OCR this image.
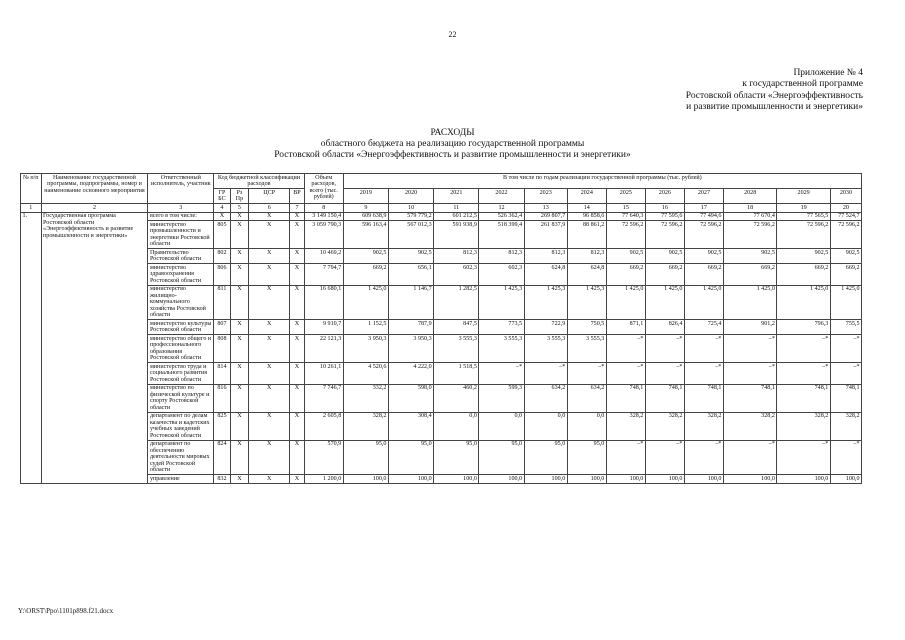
22
Приложение № 4
к государственной программе
Ростовской области «Энергоэффективность
и развитие промышленности и энергетики»
РАСХОДЫ
областного бюджета на реализацию государственной программы
Ростовской области «Энергоэффективность и развитие промышленности и энергетики»
№ п/п	Наименование государственной программы, подпрограммы, номер и наименование основного мероприятия	Ответственный исполнитель, участник	Код бюджетной классификации расходов				Объем расходов, всего (тыс. рублей)	В том числе по годам реализации государственной программы (тыс. рублей)											
			ГР БС	Рз Пр	ЦСР	ВР		2019	2020	2021	2022	2023	2024	2025	2026	2027	2028	2029	2030
1	2	3	4	5	6	7	8	9	10	11	12	13	14	15	16	17	18	19	20
1.	Государственная программа Ростовской области «Энергоэффективность и развитие промышленности и энергетики»	всего в том числе:	X	X	X	X	3 149 150,4	609 638,9	579 779,2	601 212,5	526 362,4	269 807,7	96 858,6	77 640,3	77 595,6	77 494,6	77 670,4	77 565,5	77 524,7
		министерство промышленности и энергетики Ростовской области	805	X	X	X	3 059 790,3	596 163,4	567 012,3	591 938,9	518 399,4	261 837,9	88 861,2	72 596,2	72 596,2	72 596,2	72 596,2	72 596,2	72 596,2
		Правительство Ростовской области	802	X	X	X	10 469,2	902,5	902,5	812,3	812,3	812,3	812,3	902,5	902,5	902,5	902,5	902,5	902,5
		министерство здравоохранения Ростовской области	806	X	X	X	7 794,7	669,2	656,1	602,3	602,3	624,8	624,8	669,2	669,2	669,2	669,2	669,2	669,2
		министерство жилищно-коммунального хозяйства Ростовской области	811	X	X	X	16 680,1	1 425,0	1 146,7	1 282,5	1 425,3	1 425,3	1 425,3	1 425,0	1 425,0	1 425,0	1 425,0	1 425,0	1 425,0
		министерство культуры Ростовской области	807	X	X	X	9 910,7	1 152,5	787,9	847,5	773,5	722,9	750,5	871,1	826,4	725,4	901,2	796,3	755,5
		министерство общего и профессионального образования Ростовской области	808	X	X	X	22 121,3	3 950,3	3 950,3	3 555,3	3 555,3	3 555,3	3 555,3	–*	–*	–*	–*	–*	–*
		министерство труда и социального развития Ростовской области	814	X	X	X	10 261,1	4 520,6	4 222,0	1 518,5	–*	–*	–*	–*	–*	–*	–*	–*	–*
		министерство по физической культуре и спорту Ростовской области	816	X	X	X	7 746,7	332,2	598,0	460,2	599,3	634,2	634,2	748,1	748,1	748,1	748,1	748,1	748,1
		департамент по делам казачества и кадетских учебных заведений Ростовской области	825	X	X	X	2 605,8	328,2	308,4	0,0	0,0	0,0	0,0	328,2	328,2	328,2	328,2	328,2	328,2
		департамент по обеспечению деятельности мировых судей Ростовской области	824	X	X	X	570,9	95,0	95,0	95,0	95,0	95,0	95,0	–*	–*	–*	–*	–*	–*
		управление	832	X	X	X	1 200,0	100,0	100,0	100,0	100,0	100,0	100,0	100,0	100,0	100,0	100,0	100,0	100,0
Y:\ORST\Ppo\1101p898.f21.docx
